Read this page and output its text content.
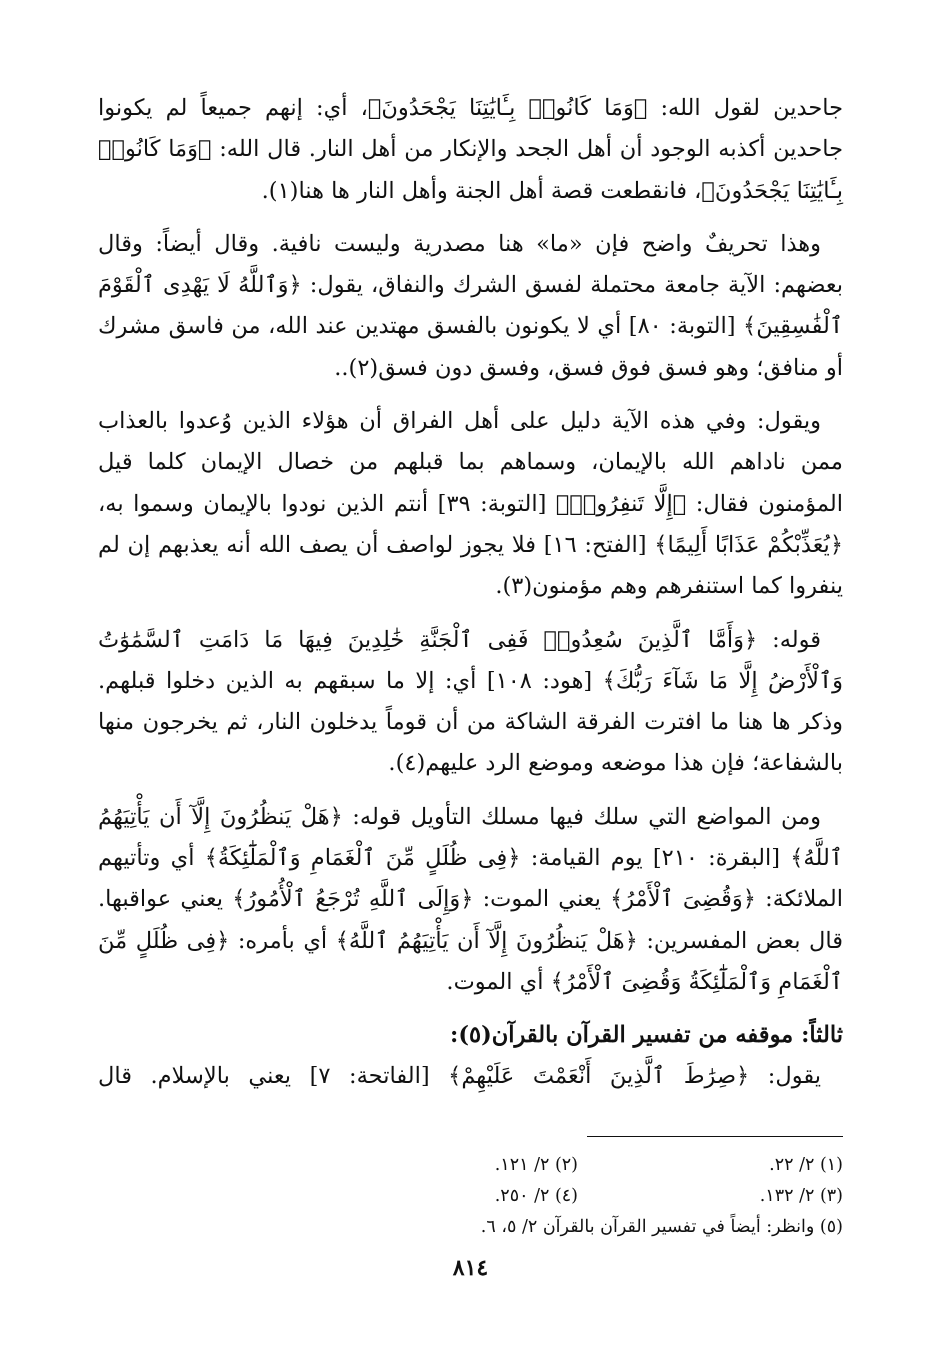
جاحدين لقول الله: ﴿وَمَا كَانُوا۟ بِـَٔايَٰتِنَا يَجْحَدُونَ﴾، أي: إنهم جميعاً لم يكونوا جاحدين أكذبه الوجود أن أهل الجحد والإنكار من أهل النار. قال الله: ﴿وَمَا كَانُوا۟ بِـَٔايَٰتِنَا يَجْحَدُونَ﴾، فانقطعت قصة أهل الجنة وأهل النار ها هنا(١).

وهذا تحريفٌ واضح فإن «ما» هنا مصدرية وليست نافية. وقال أيضاً: وقال بعضهم: الآية جامعة محتملة لفسق الشرك والنفاق، يقول: ﴿وَٱللَّهُ لَا يَهْدِى ٱلْقَوْمَ ٱلْفَٰسِقِينَ﴾ [التوبة: ٨٠] أي لا يكونون بالفسق مهتدين عند الله، من فاسق مشرك أو منافق؛ وهو فسق فوق فسق، وفسق دون فسق(٢)..

ويقول: وفي هذه الآية دليل على أهل الفراق أن هؤلاء الذين وُعدوا بالعذاب ممن ناداهم الله بالإيمان، وسماهم بما قبلهم من خصال الإيمان كلما قيل المؤمنون فقال: ﴿إِلَّا تَنفِرُوا۟﴾ [التوبة: ٣٩] أنتم الذين نودوا بالإيمان وسموا به، ﴿يُعَذِّبْكُمْ عَذَابًا أَلِيمًا﴾ [الفتح: ١٦] فلا يجوز لواصف أن يصف الله أنه يعذبهم إن لم ينفروا كما استنفرهم وهم مؤمنون(٣).

قوله: ﴿وَأَمَّا ٱلَّذِينَ سُعِدُوا۟ فَفِى ٱلْجَنَّةِ خَٰلِدِينَ فِيهَا مَا دَامَتِ ٱلسَّمَٰوَٰتُ وَٱلْأَرْضُ إِلَّا مَا شَآءَ رَبُّكَ﴾ [هود: ١٠٨] أي: إلا ما سبقهم به الذين دخلوا قبلهم. وذكر ها هنا ما افترت الفرقة الشاكة من أن قوماً يدخلون النار، ثم يخرجون منها بالشفاعة؛ فإن هذا موضعه وموضع الرد عليهم(٤).

ومن المواضع التي سلك فيها مسلك التأويل قوله: ﴿هَلْ يَنظُرُونَ إِلَّآ أَن يَأْتِيَهُمُ ٱللَّهُ﴾ [البقرة: ٢١٠] يوم القيامة: ﴿فِى ظُلَلٍ مِّنَ ٱلْغَمَامِ وَٱلْمَلَٰٓئِكَةُ﴾ أي وتأتيهم الملائكة: ﴿وَقُضِىَ ٱلْأَمْرُ﴾ يعني الموت: ﴿وَإِلَى ٱللَّهِ تُرْجَعُ ٱلْأُمُورُ﴾ يعني عواقبها. قال بعض المفسرين: ﴿هَلْ يَنظُرُونَ إِلَّآ أَن يَأْتِيَهُمُ ٱللَّهُ﴾ أي بأمره: ﴿فِى ظُلَلٍ مِّنَ ٱلْغَمَامِ وَٱلْمَلَٰٓئِكَةُ وَقُضِىَ ٱلْأَمْرُ﴾ أي الموت.

ثالثاً: موقفه من تفسير القرآن بالقرآن(٥):

يقول: ﴿صِرَٰطَ ٱلَّذِينَ أَنْعَمْتَ عَلَيْهِمْ﴾ [الفاتحة: ٧] يعني بالإسلام. قال

(١) ٢/ ٢٢.
(٢) ٢/ ١٢١.
(٣) ٢/ ١٣٢.
(٤) ٢/ ٢٥٠.
(٥) وانظر: أيضاً في تفسير القرآن بالقرآن ٢/ ٥، ٦.
٨١٤
